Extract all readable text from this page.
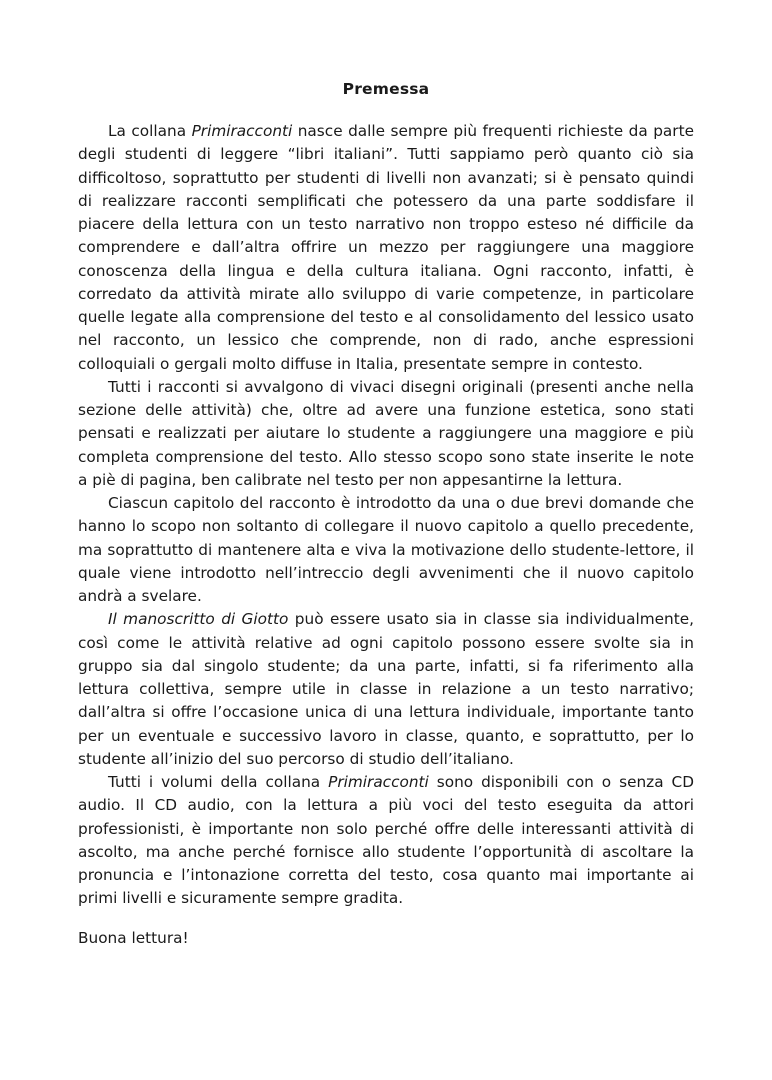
Premessa

La collana Primiracconti nasce dalle sempre più frequenti richieste da parte degli studenti di leggere “libri italiani”. Tutti sappiamo però quanto ciò sia difficoltoso, soprattutto per studenti di livelli non avanzati; si è pensato quindi di realizzare racconti semplificati che potessero da una parte soddisfare il piacere della lettura con un testo narrativo non troppo esteso né difficile da comprendere e dall’altra offrire un mezzo per raggiungere una maggiore conoscenza della lingua e della cultura italiana. Ogni racconto, infatti, è corredato da attività mirate allo sviluppo di varie competenze, in particolare quelle legate alla comprensione del testo e al consolidamento del lessico usato nel racconto, un lessico che comprende, non di rado, anche espressioni colloquiali o gergali molto diffuse in Italia, presentate sempre in contesto.

Tutti i racconti si avvalgono di vivaci disegni originali (presenti anche nella sezione delle attività) che, oltre ad avere una funzione estetica, sono stati pensati e realizzati per aiutare lo studente a raggiungere una maggiore e più completa comprensione del testo. Allo stesso scopo sono state inserite le note a piè di pagina, ben calibrate nel testo per non appesantirne la lettura.

Ciascun capitolo del racconto è introdotto da una o due brevi domande che hanno lo scopo non soltanto di collegare il nuovo capitolo a quello precedente, ma soprattutto di mantenere alta e viva la motivazione dello studente-lettore, il quale viene introdotto nell’intreccio degli avvenimenti che il nuovo capitolo andrà a svelare.

Il manoscritto di Giotto può essere usato sia in classe sia individualmente, così come le attività relative ad ogni capitolo possono essere svolte sia in gruppo sia dal singolo studente; da una parte, infatti, si fa riferimento alla lettura collettiva, sempre utile in classe in relazione a un testo narrativo; dall’altra si offre l’occasione unica di una lettura individuale, importante tanto per un eventuale e successivo lavoro in classe, quanto, e soprattutto, per lo studente all’inizio del suo percorso di studio dell’italiano.

Tutti i volumi della collana Primiracconti sono disponibili con o senza CD audio. Il CD audio, con la lettura a più voci del testo eseguita da attori professionisti, è importante non solo perché offre delle interessanti attività di ascolto, ma anche perché fornisce allo studente l’opportunità di ascoltare la pronuncia e l’intonazione corretta del testo, cosa quanto mai importante ai primi livelli e sicuramente sempre gradita.

Buona lettura!
